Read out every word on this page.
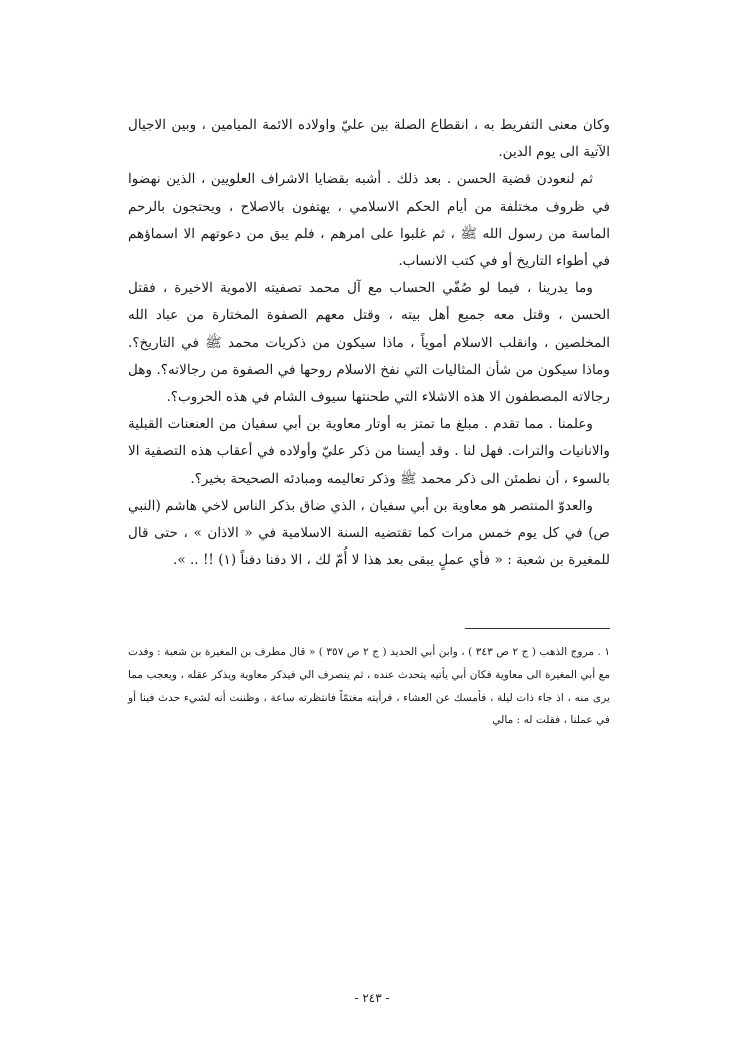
وكان معنى التفريط به ، انقطاع الصلة بين عليّ واولاده الائمة الميامين ، وبين الاجيال الآتية الى يوم الدين.

ثم لنعودن قضية الحسن . بعد ذلك . أشبه بقضايا الاشراف العلويين ، الذين نهضوا في ظروف مختلفة من أيام الحكم الاسلامي ، يهتفون بالاصلاح ، ويحتجون بالرحم الماسة من رسول الله ﷺ ، ثم غلبوا على امرهم ، فلم يبق من دعوتهم الا اسماؤهم في أطواء التاريخ أو في كتب الانساب.

وما يدرينا ، فيما لو صُفّي الحساب مع آل محمد تصفيته الاموية الاخيرة ، فقتل الحسن ، وقتل معه جميع أهل بيته ، وقتل معهم الصفوة المختارة من عباد الله المخلصين ، وانقلب الاسلام أموياً ، ماذا سيكون من ذكريات محمد ﷺ في التاريخ؟. وماذا سيكون من شأن المثاليات التي نفخ الاسلام روحها في الصفوة من رجالاته؟. وهل رجالاته المصطفون الا هذه الاشلاء التي طحنتها سيوف الشام في هذه الحروب؟.

وعلمنا . مما تقدم . مبلغ ما تمتز به أوتار معاوية بن أبي سفيان من العنعنات القبلية والانانيات والترات. فهل لنا . وقد أيسنا من ذكر عليّ وأولاده في أعقاب هذه التصفية الا بالسوء ، أن نطمئن الى ذكر محمد ﷺ وذكر تعاليمه ومبادئه الصحيحة بخير؟.

والعدوّ المنتصر هو معاوية بن أبي سفيان ، الذي ضاق بذكر الناس لاخي هاشم (النبي ص) في كل يوم خمس مرات كما تقتضيه السنة الاسلامية في « الاذان » ، حتى قال للمغيرة بن شعبة : « فأي عملٍ يبقى بعد هذا لا أُمّ لك ، الا دفنا دفناً (١) !! .. ».

١ . مروج الذهب ( ج ٢ ص ٣٤٣ ) ، وابن أبي الحديد ( ج ٢ ص ٣٥٧ ) « قال مطرف بن المغيرة بن شعبة : وفدت مع أبي المغيرة الى معاوية فكان أبي يأتيه يتحدث عنده ، ثم ينصرف الي فيذكر معاوية ويذكر عقله ، ويعجب مما يرى منه ، اذ جاء ذات ليلة ، فأمسك عن العشاء ، فرأيته مغتمّاً فانتظرته ساعة ، وظننت أنه لشيء حدث فينا أو في عملنا ، فقلت له : مالي

- ٢٤٣ -
